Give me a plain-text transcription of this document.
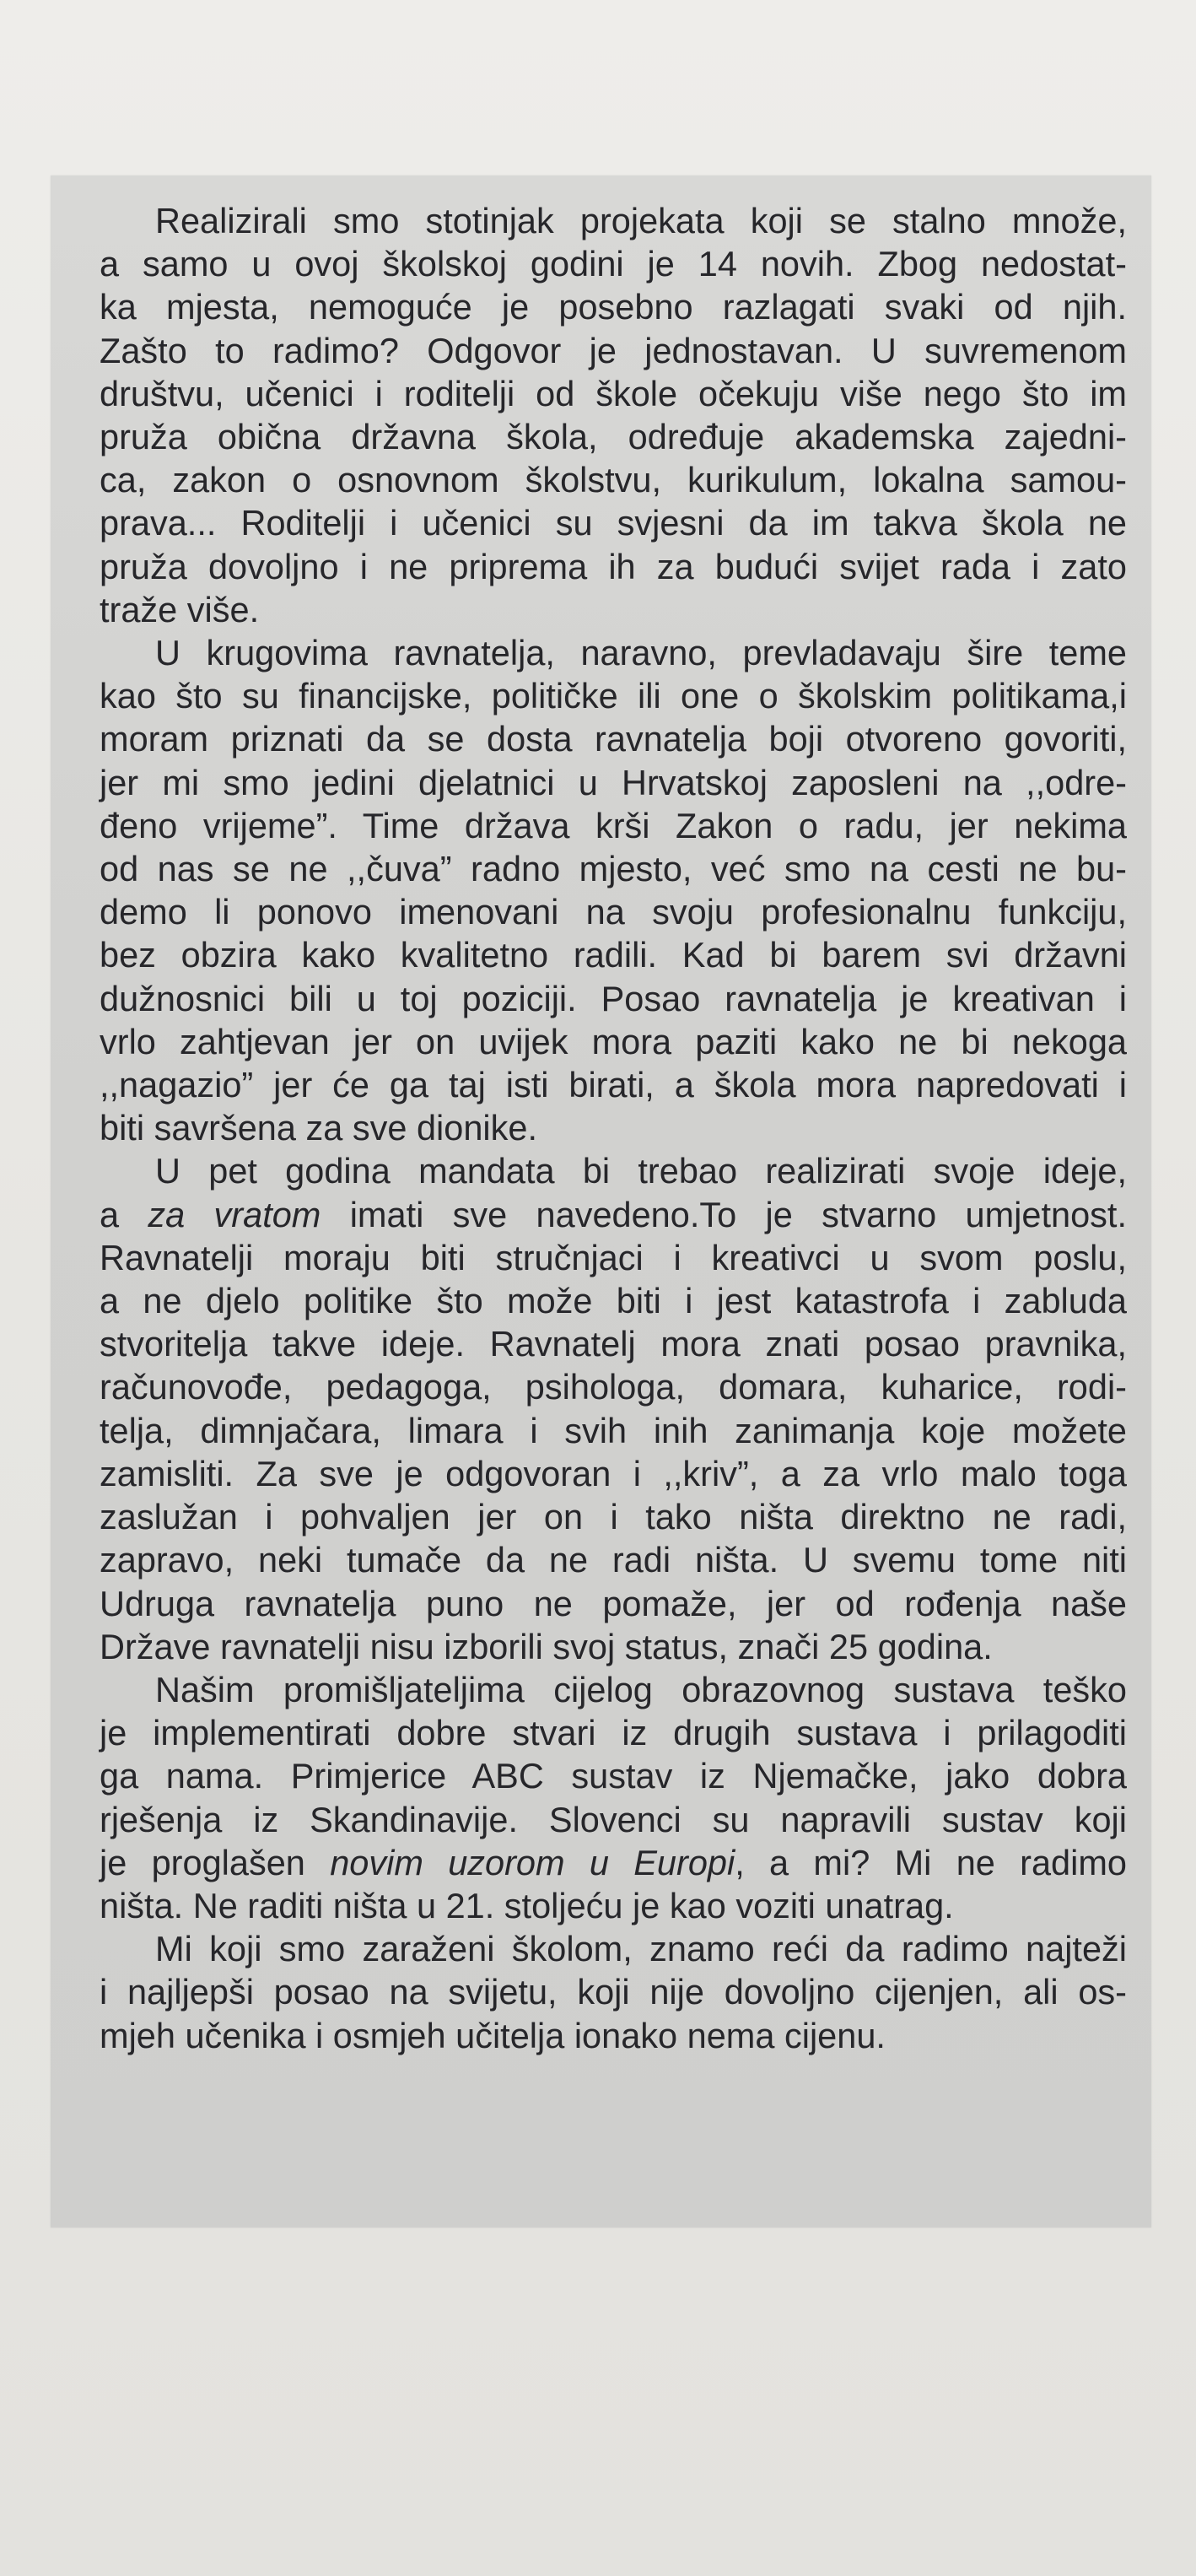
Realizirali smo stotinjak projekata koji se stalno množe,
a samo u ovoj školskoj godini je 14 novih. Zbog nedostat-
ka mjesta, nemoguće je posebno razlagati svaki od njih.
Zašto to radimo? Odgovor je jednostavan. U suvremenom
društvu, učenici i roditelji od škole očekuju više nego što im
pruža obična državna škola, određuje akademska zajedni-
ca, zakon o osnovnom školstvu, kurikulum, lokalna samou-
prava... Roditelji i učenici su svjesni da im takva škola ne
pruža dovoljno i ne priprema ih za budući svijet rada i zato
traže više.

U krugovima ravnatelja, naravno, prevladavaju šire teme
kao što su financijske, političke ili one o školskim politikama,i
moram priznati da se dosta ravnatelja boji otvoreno govoriti,
jer mi smo jedini djelatnici u Hrvatskoj zaposleni na ,,odre-
đeno vrijeme”. Time država krši Zakon o radu, jer nekima
od nas se ne ,,čuva” radno mjesto, već smo na cesti ne bu-
demo li ponovo imenovani na svoju profesionalnu funkciju,
bez obzira kako kvalitetno radili. Kad bi barem svi državni
dužnosnici bili u toj poziciji. Posao ravnatelja je kreativan i
vrlo zahtjevan jer on uvijek mora paziti kako ne bi nekoga
,,nagazio” jer će ga taj isti birati, a škola mora napredovati i
biti savršena za sve dionike.

U pet godina mandata bi trebao realizirati svoje ideje,
a za vratom imati sve navedeno.To je stvarno umjetnost.
Ravnatelji moraju biti stručnjaci i kreativci u svom poslu,
a ne djelo politike što može biti i jest katastrofa i zabluda
stvoritelja takve ideje. Ravnatelj mora znati posao pravnika,
računovođe, pedagoga, psihologa, domara, kuharice, rodi-
telja, dimnjačara, limara i svih inih zanimanja koje možete
zamisliti. Za sve je odgovoran i ,,kriv”, a za vrlo malo toga
zaslužan i pohvaljen jer on i tako ništa direktno ne radi,
zapravo, neki tumače da ne radi ništa. U svemu tome niti
Udruga ravnatelja puno ne pomaže, jer od rođenja naše
Države ravnatelji nisu izborili svoj status, znači 25 godina.

Našim promišljateljima cijelog obrazovnog sustava teško
je implementirati dobre stvari iz drugih sustava i prilagoditi
ga nama. Primjerice ABC sustav iz Njemačke, jako dobra
rješenja iz Skandinavije. Slovenci su napravili sustav koji
je proglašen novim uzorom u Europi, a mi? Mi ne radimo
ništa. Ne raditi ništa u 21. stoljeću je kao voziti unatrag.

Mi koji smo zaraženi školom, znamo reći da radimo najteži
i najljepši posao na svijetu, koji nije dovoljno cijenjen, ali os-
mjeh učenika i osmjeh učitelja ionako nema cijenu.
